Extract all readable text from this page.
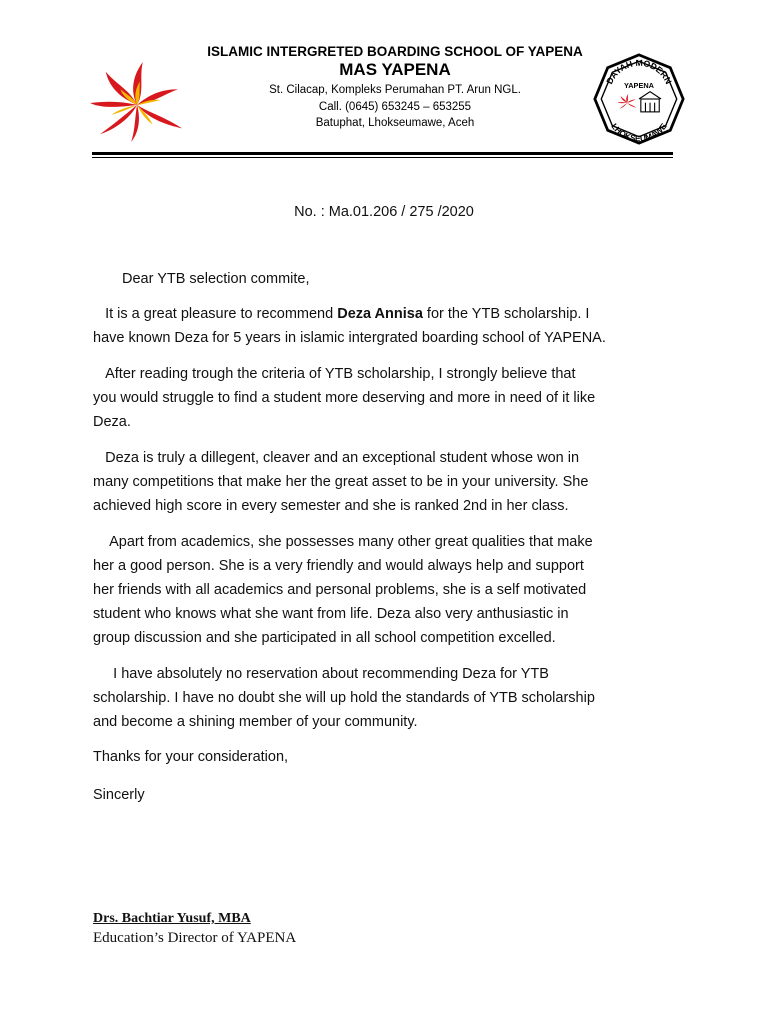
ISLAMIC INTERGRETED BOARDING SCHOOL OF YAPENA
MAS YAPENA
St. Cilacap, Kompleks Perumahan PT. Arun NGL.
Call. (0645) 653245 – 653255
Batuphat, Lhokseumawe, Aceh
DAYAH MODERN
YAPENA
LHOKSEUMAWE
No. : Ma.01.206 / 275 /2020
Dear YTB selection commite,
It is a great pleasure to recommend Deza Annisa for the YTB scholarship. I
have known Deza for 5 years in islamic intergrated boarding school of YAPENA.
After reading trough the criteria of YTB scholarship, I strongly believe that
you would struggle to find a student more deserving and more in need of it like
Deza.
Deza is truly a dillegent, cleaver and an exceptional student whose won in
many competitions that make her the great asset to be in your university. She
achieved high score in every semester and she is ranked 2nd in her class.
Apart from academics, she possesses many other great qualities that make
her a good person. She is a very friendly and would always help and support
her friends with all academics and personal problems, she is a self motivated
student who knows what she want from life. Deza also very anthusiastic in
group discussion and she participated in all school competition excelled.
I have absolutely no reservation about recommending Deza for YTB
scholarship. I have no doubt she will up hold the standards of YTB scholarship
and become a shining member of your community.
Thanks for your consideration,
Sincerly
Drs. Bachtiar Yusuf, MBA
Education’s Director of YAPENA
